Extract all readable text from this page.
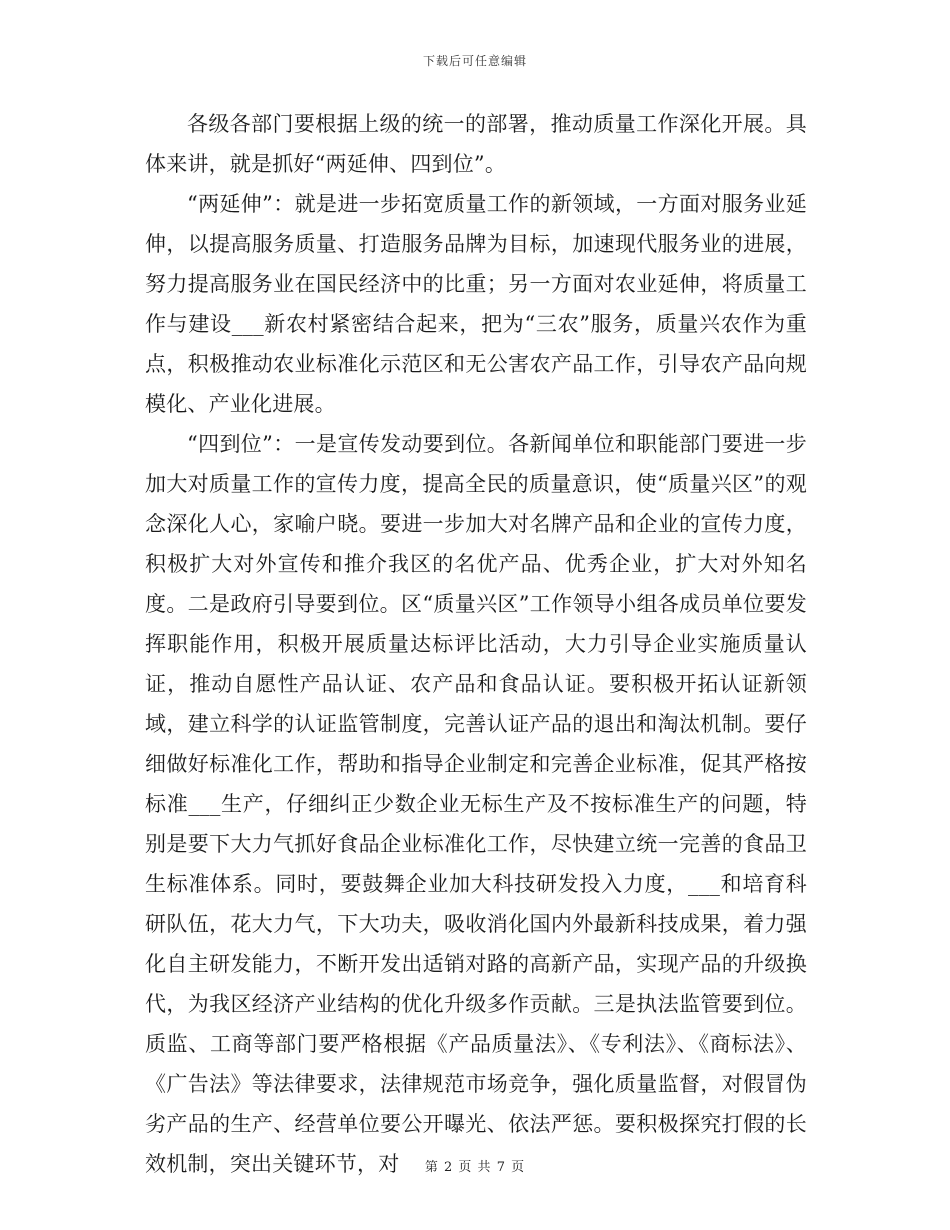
下载后可任意编辑

各级各部门要根据上级的统一的部署，推动质量工作深化开展。具体来讲，就是抓好“两延伸、四到位”。

“两延伸”：就是进一步拓宽质量工作的新领域，一方面对服务业延伸，以提高服务质量、打造服务品牌为目标，加速现代服务业的进展，努力提高服务业在国民经济中的比重；另一方面对农业延伸，将质量工作与建设___新农村紧密结合起来，把为“三农”服务，质量兴农作为重点，积极推动农业标准化示范区和无公害农产品工作，引导农产品向规模化、产业化进展。

“四到位”：一是宣传发动要到位。各新闻单位和职能部门要进一步加大对质量工作的宣传力度，提高全民的质量意识，使“质量兴区”的观念深化人心，家喻户晓。要进一步加大对名牌产品和企业的宣传力度，积极扩大对外宣传和推介我区的名优产品、优秀企业，扩大对外知名度。二是政府引导要到位。区“质量兴区”工作领导小组各成员单位要发挥职能作用，积极开展质量达标评比活动，大力引导企业实施质量认证，推动自愿性产品认证、农产品和食品认证。要积极开拓认证新领域，建立科学的认证监管制度，完善认证产品的退出和淘汰机制。要仔细做好标准化工作，帮助和指导企业制定和完善企业标准，促其严格按标准___生产，仔细纠正少数企业无标生产及不按标准生产的问题，特别是要下大力气抓好食品企业标准化工作，尽快建立统一完善的食品卫生标准体系。同时，要鼓舞企业加大科技研发投入力度，___和培育科研队伍，花大力气，下大功夫，吸收消化国内外最新科技成果，着力强化自主研发能力，不断开发出适销对路的高新产品，实现产品的升级换代，为我区经济产业结构的优化升级多作贡献。三是执法监管要到位。质监、工商等部门要严格根据《产品质量法》、《专利法》、《商标法》、《广告法》等法律要求，法律规范市场竞争，强化质量监督，对假冒伪劣产品的生产、经营单位要公开曝光、依法严惩。要积极探究打假的长效机制，突出关键环节，对	第 2 页 共 7 页
